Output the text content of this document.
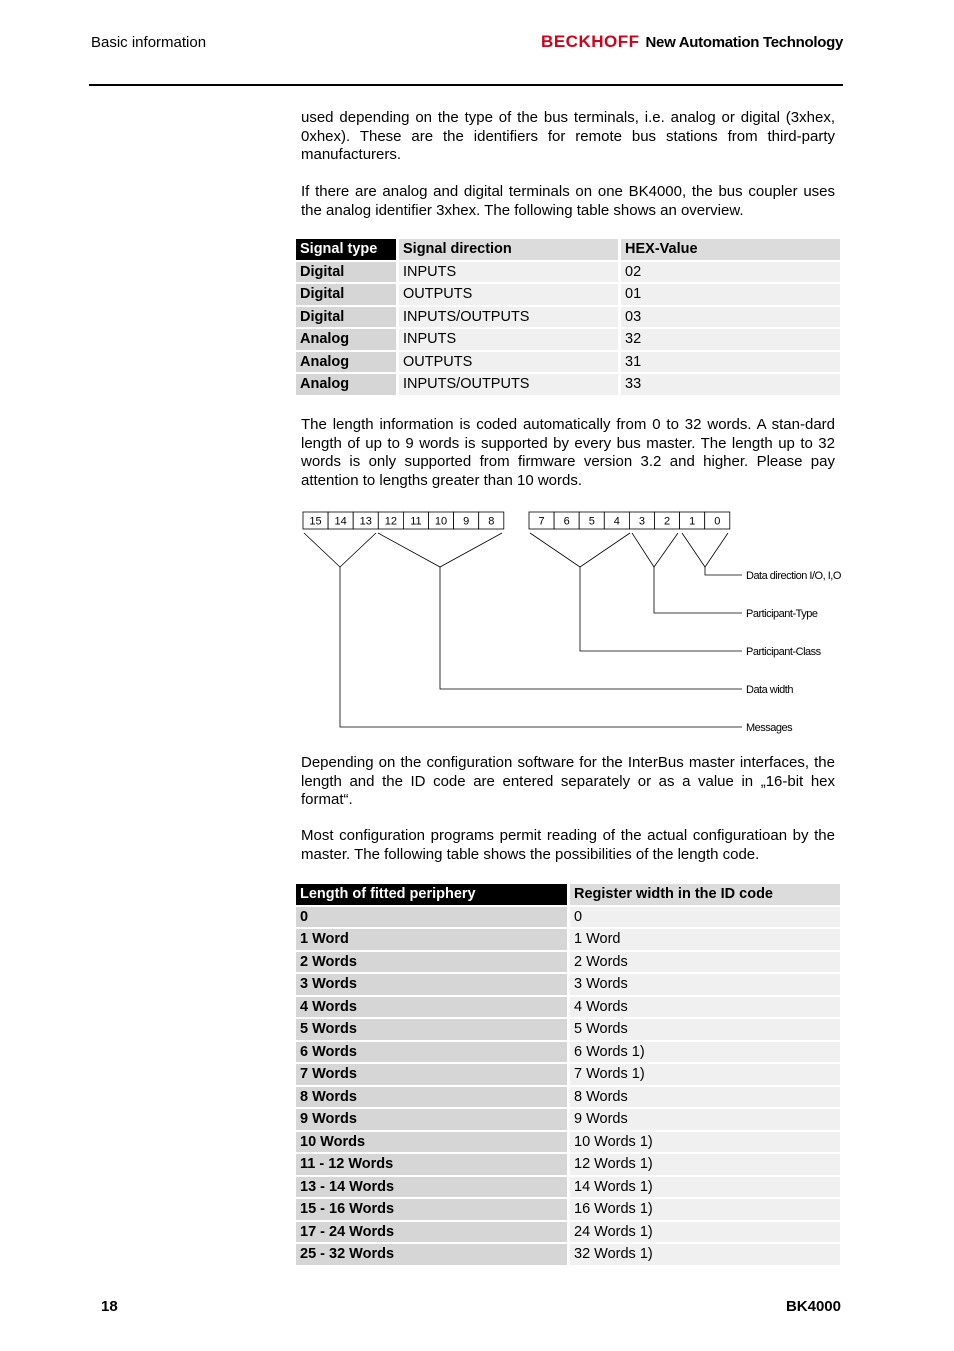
Basic information	BECKHOFF New Automation Technology

used depending on the type of the bus terminals, i.e. analog or digital (3xhex, 0xhex). These are the identifiers for remote bus stations from third-party manufacturers.

If there are analog and digital terminals on one BK4000, the bus coupler uses the analog identifier 3xhex. The following table shows an overview.

Signal type	Signal direction	HEX-Value
Digital	INPUTS	02
Digital	OUTPUTS	01
Digital	INPUTS/OUTPUTS	03
Analog	INPUTS	32
Analog	OUTPUTS	31
Analog	INPUTS/OUTPUTS	33

The length information is coded automatically from 0 to 32 words. A stan-dard length of up to 9 words is supported by every bus master. The length up to 32 words is only supported from firmware version 3.2 and higher. Please pay attention to lengths greater than 10 words.

15 14 13 12 11 10 9 8	7 6 5 4 3 2 1 0
Data direction I/O, I,O
Participant-Type
Participant-Class
Data width
Messages

Depending on the configuration software for the InterBus master interfaces, the length and the ID code are entered separately or as a value in „16-bit hex format“.

Most configuration programs permit reading of the actual configuratioan by the master. The following table shows the possibilities of the length code.

Length of fitted periphery	Register width in the ID code
0	0
1 Word	1 Word
2 Words	2 Words
3 Words	3 Words
4 Words	4 Words
5 Words	5 Words
6 Words	6 Words 1)
7 Words	7 Words 1)
8 Words	8 Words
9 Words	9 Words
10 Words	10 Words 1)
11 - 12 Words	12 Words 1)
13 - 14 Words	14 Words 1)
15 - 16 Words	16 Words 1)
17 - 24 Words	24 Words 1)
25 - 32 Words	32 Words 1)
18	BK4000
